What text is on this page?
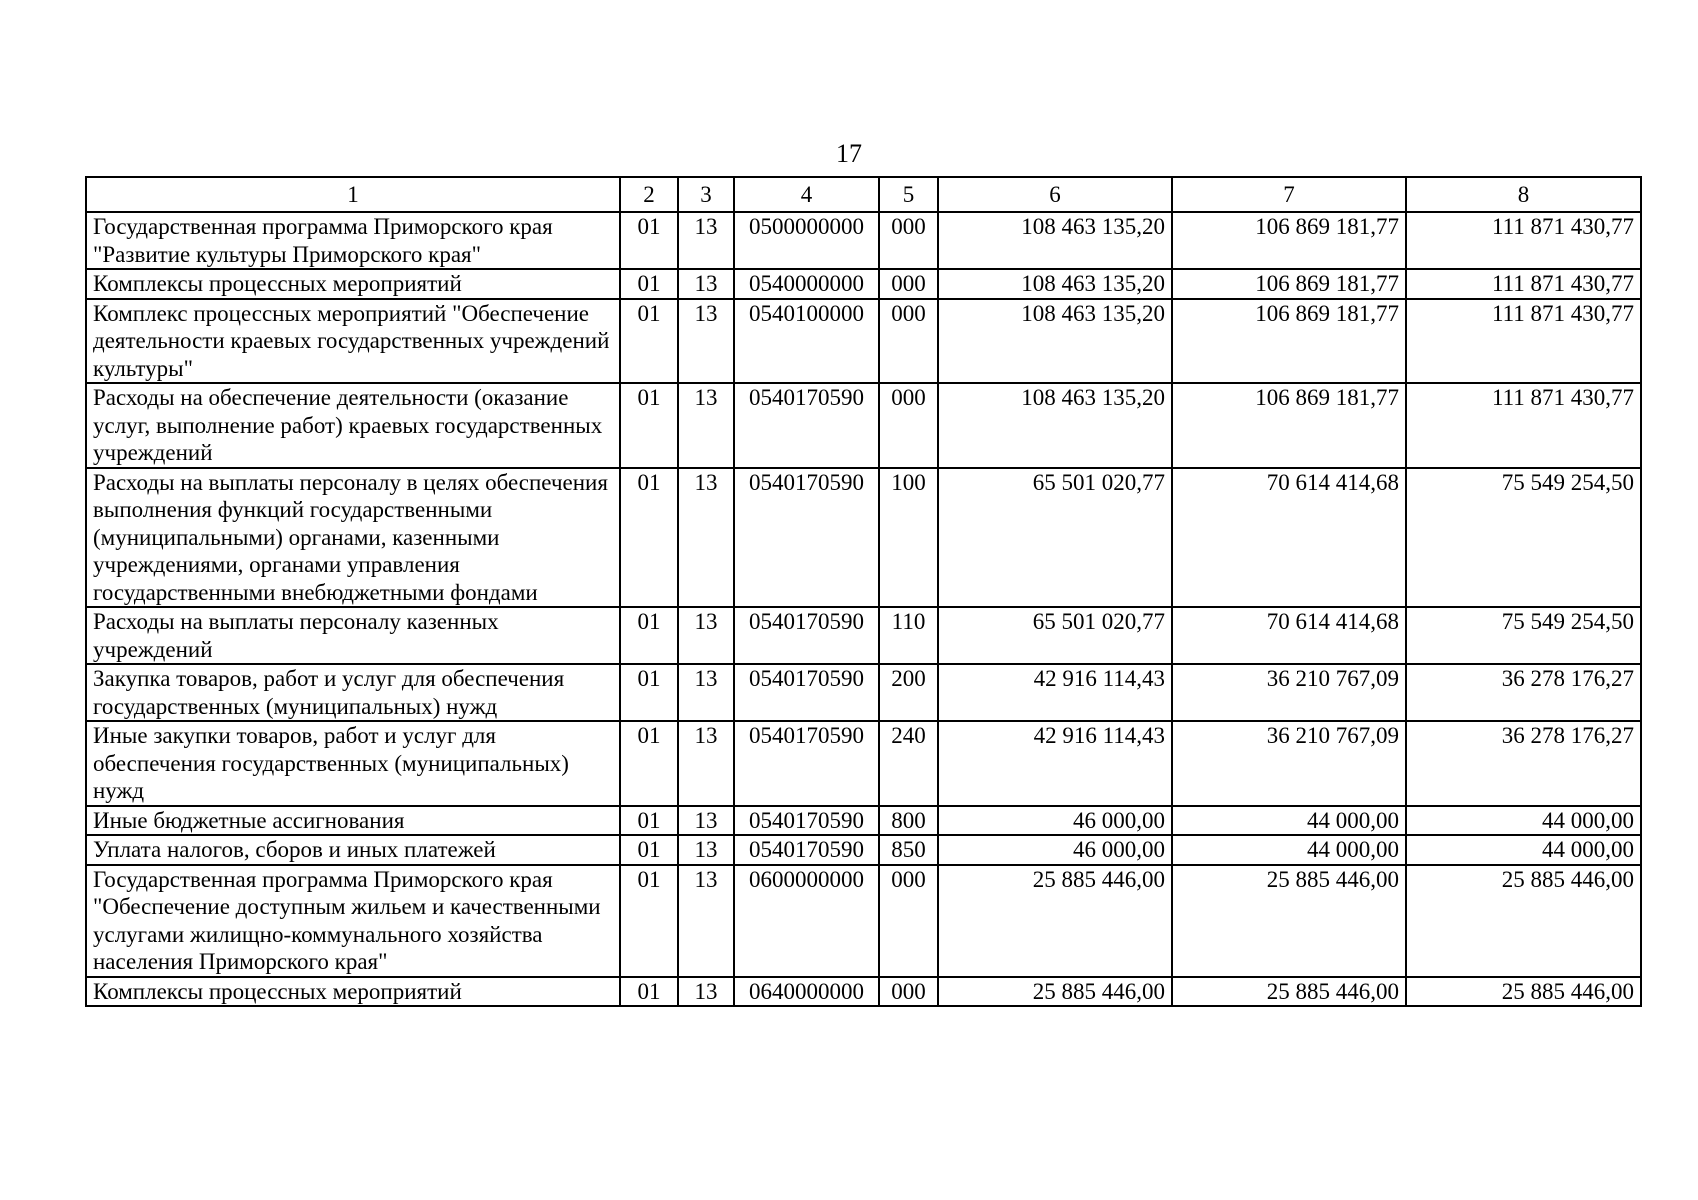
17
1	2	3	4	5	6	7	8
Государственная программа Приморского края "Развитие культуры Приморского края"	01	13	0500000000	000	108 463 135,20	106 869 181,77	111 871 430,77
Комплексы процессных мероприятий	01	13	0540000000	000	108 463 135,20	106 869 181,77	111 871 430,77
Комплекс процессных мероприятий "Обеспечение деятельности краевых государственных учреждений культуры"	01	13	0540100000	000	108 463 135,20	106 869 181,77	111 871 430,77
Расходы на обеспечение деятельности (оказание услуг, выполнение работ) краевых государственных учреждений	01	13	0540170590	000	108 463 135,20	106 869 181,77	111 871 430,77
Расходы на выплаты персоналу в целях обеспечения выполнения функций государственными (муниципальными) органами, казенными учреждениями, органами управления государственными внебюджетными фондами	01	13	0540170590	100	65 501 020,77	70 614 414,68	75 549 254,50
Расходы на выплаты персоналу казенных учреждений	01	13	0540170590	110	65 501 020,77	70 614 414,68	75 549 254,50
Закупка товаров, работ и услуг для обеспечения государственных (муниципальных) нужд	01	13	0540170590	200	42 916 114,43	36 210 767,09	36 278 176,27
Иные закупки товаров, работ и услуг для обеспечения государственных (муниципальных) нужд	01	13	0540170590	240	42 916 114,43	36 210 767,09	36 278 176,27
Иные бюджетные ассигнования	01	13	0540170590	800	46 000,00	44 000,00	44 000,00
Уплата налогов, сборов и иных платежей	01	13	0540170590	850	46 000,00	44 000,00	44 000,00
Государственная программа Приморского края "Обеспечение доступным жильем и качественными услугами жилищно-коммунального хозяйства населения Приморского края"	01	13	0600000000	000	25 885 446,00	25 885 446,00	25 885 446,00
Комплексы процессных мероприятий	01	13	0640000000	000	25 885 446,00	25 885 446,00	25 885 446,00
